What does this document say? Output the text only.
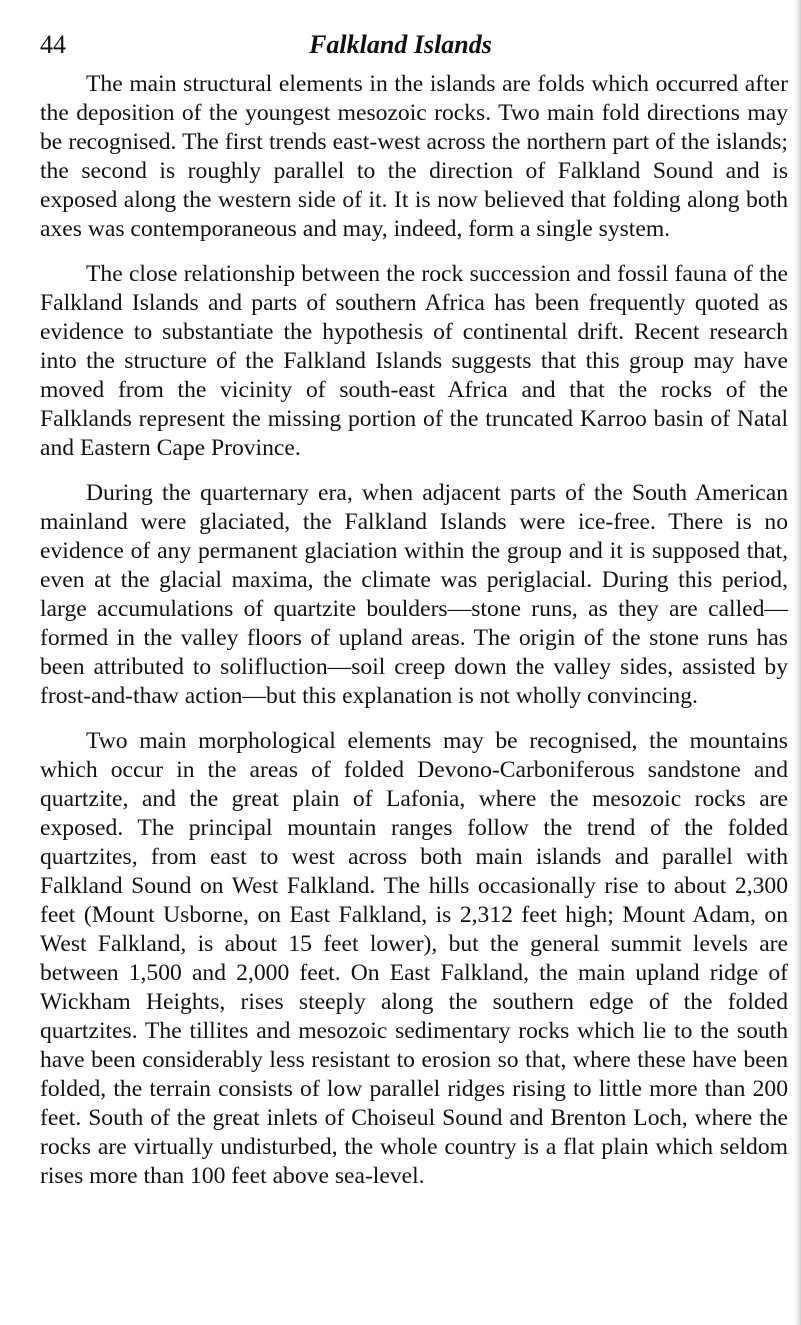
44	Falkland Islands

The main structural elements in the islands are folds which occurred after the deposition of the youngest mesozoic rocks. Two main fold directions may be recognised. The first trends east-west across the northern part of the islands; the second is roughly parallel to the direction of Falkland Sound and is exposed along the western side of it. It is now believed that folding along both axes was contemporaneous and may, indeed, form a single system.

The close relationship between the rock succession and fossil fauna of the Falkland Islands and parts of southern Africa has been frequently quoted as evidence to substantiate the hypothesis of continental drift. Recent research into the structure of the Falkland Islands suggests that this group may have moved from the vicinity of south-east Africa and that the rocks of the Falklands represent the missing portion of the truncated Karroo basin of Natal and Eastern Cape Province.

During the quarternary era, when adjacent parts of the South American mainland were glaciated, the Falkland Islands were ice-free. There is no evidence of any permanent glaciation within the group and it is supposed that, even at the glacial maxima, the climate was periglacial. During this period, large accumulations of quartzite boulders—stone runs, as they are called—formed in the valley floors of upland areas. The origin of the stone runs has been attributed to solifluction—soil creep down the valley sides, assisted by frost-and-thaw action—but this explanation is not wholly convincing.

Two main morphological elements may be recognised, the mountains which occur in the areas of folded Devono-Carboniferous sandstone and quartzite, and the great plain of Lafonia, where the mesozoic rocks are exposed. The principal mountain ranges follow the trend of the folded quartzites, from east to west across both main islands and parallel with Falkland Sound on West Falkland. The hills occasionally rise to about 2,300 feet (Mount Usborne, on East Falkland, is 2,312 feet high; Mount Adam, on West Falkland, is about 15 feet lower), but the general summit levels are between 1,500 and 2,000 feet. On East Falkland, the main upland ridge of Wickham Heights, rises steeply along the southern edge of the folded quartzites. The tillites and mesozoic sedimentary rocks which lie to the south have been considerably less resistant to erosion so that, where these have been folded, the terrain consists of low parallel ridges rising to little more than 200 feet. South of the great inlets of Choiseul Sound and Brenton Loch, where the rocks are virtually undisturbed, the whole country is a flat plain which seldom rises more than 100 feet above sea-level.
